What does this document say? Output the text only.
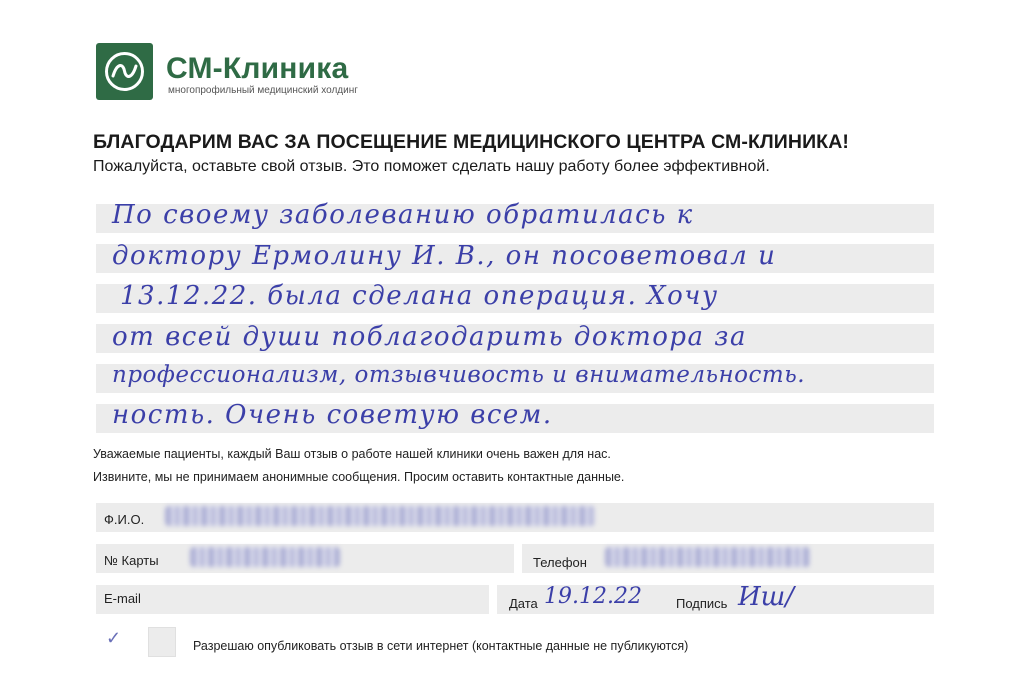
СМ-Клиника
многопрофильный медицинский холдинг
БЛАГОДАРИМ ВАС ЗА ПОСЕЩЕНИЕ МЕДИЦИНСКОГО ЦЕНТРА СМ-КЛИНИКА!
Пожалуйста, оставьте свой отзыв. Это поможет сделать нашу работу более эффективной.
По своему заболеванию обратилась к
доктору Ермолину И. В., он посоветовал и
13.12.22. была сделана операция. Хочу
от всей души поблагодарить доктора за
профессионализм, отзывчивость и внимательность.
ность. Очень советую всем.
Уважаемые пациенты, каждый Ваш отзыв о работе нашей клиники очень важен для нас.
Извините, мы не принимаем анонимные сообщения. Просим оставить контактные данные.
Ф.И.О.
№ Карты	Телефон
E-mail	Дата 19.12.22	Подпись Иш/
✓	Разрешаю опубликовать отзыв в сети интернет (контактные данные не публикуются)
